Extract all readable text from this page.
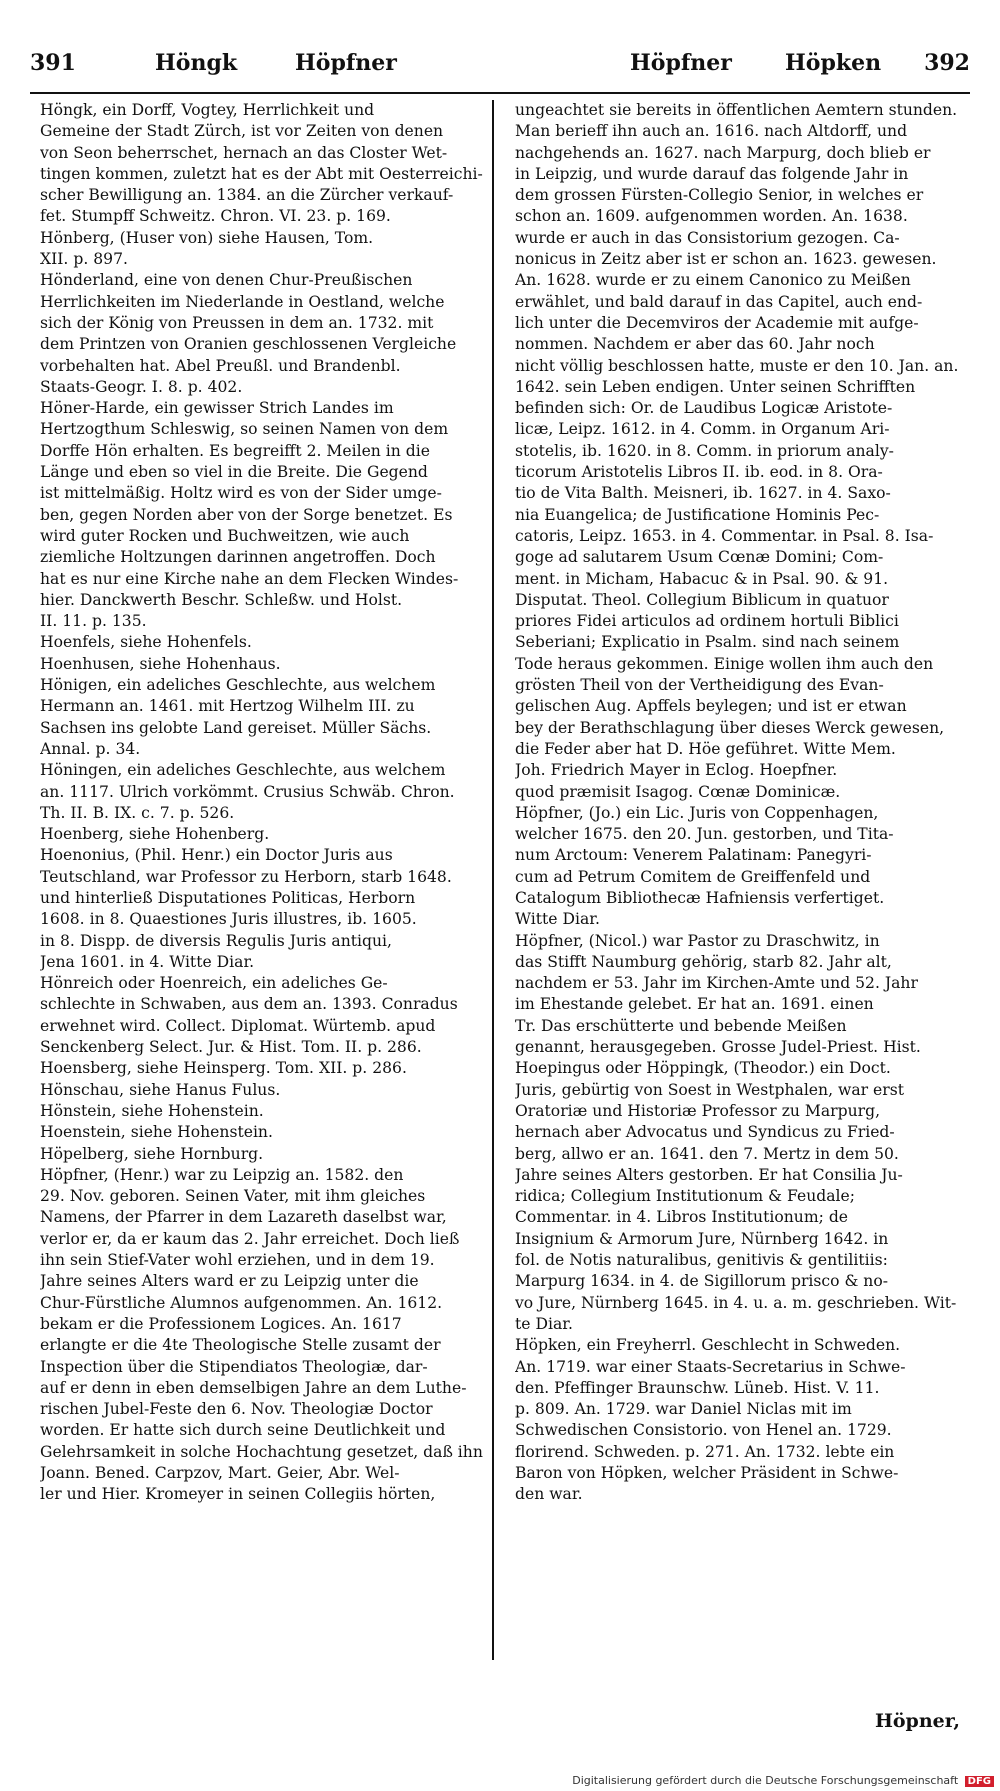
391	Höngk	Höpfner	Höpfner Höpken 392
Höngk, ein Dorff, Vogtey, Herrlichkeit und
Gemeine der Stadt Zürch, ist vor Zeiten von denen
von Seon beherrschet, hernach an das Closter Wet-
tingen kommen, zuletzt hat es der Abt mit Oesterreichi-
scher Bewilligung an. 1384. an die Zürcher verkauf-
fet. Stumpff Schweitz. Chron. VI. 23. p. 169.
Hönberg, (Huser von) siehe Hausen, Tom.
XII. p. 897.
Hönderland, eine von denen Chur-Preußischen
Herrlichkeiten im Niederlande in Oestland, welche
sich der König von Preussen in dem an. 1732. mit
dem Printzen von Oranien geschlossenen Vergleiche
vorbehalten hat. Abel Preußl. und Brandenbl.
Staats-Geogr. I. 8. p. 402.
Höner-Harde, ein gewisser Strich Landes im
Hertzogthum Schleswig, so seinen Namen von dem
Dorffe Hön erhalten. Es begreifft 2. Meilen in die
Länge und eben so viel in die Breite. Die Gegend
ist mittelmäßig. Holtz wird es von der Sider umge-
ben, gegen Norden aber von der Sorge benetzet. Es
wird guter Rocken und Buchweitzen, wie auch
ziemliche Holtzungen darinnen angetroffen. Doch
hat es nur eine Kirche nahe an dem Flecken Windes-
hier. Danckwerth Beschr. Schleßw. und Holst.
II. 11. p. 135.
Hoenfels, siehe Hohenfels.
Hoenhusen, siehe Hohenhaus.
Hönigen, ein adeliches Geschlechte, aus welchem
Hermann an. 1461. mit Hertzog Wilhelm III. zu
Sachsen ins gelobte Land gereiset. Müller Sächs.
Annal. p. 34.
Höningen, ein adeliches Geschlechte, aus welchem
an. 1117. Ulrich vorkömmt. Crusius Schwäb. Chron.
Th. II. B. IX. c. 7. p. 526.
Hoenberg, siehe Hohenberg.
Hoenonius, (Phil. Henr.) ein Doctor Juris aus
Teutschland, war Professor zu Herborn, starb 1648.
und hinterließ Disputationes Politicas, Herborn
1608. in 8. Quaestiones Juris illustres, ib. 1605.
in 8. Dispp. de diversis Regulis Juris antiqui,
Jena 1601. in 4. Witte Diar.
Hönreich oder Hoenreich, ein adeliches Ge-
schlechte in Schwaben, aus dem an. 1393. Conradus
erwehnet wird. Collect. Diplomat. Würtemb. apud
Senckenberg Select. Jur. & Hist. Tom. II. p. 286.
Hoensberg, siehe Heinsperg. Tom. XII. p. 286.
Hönschau, siehe Hanus Fulus.
Hönstein, siehe Hohenstein.
Hoenstein, siehe Hohenstein.
Höpelberg, siehe Hornburg.
Höpfner, (Henr.) war zu Leipzig an. 1582. den
29. Nov. geboren. Seinen Vater, mit ihm gleiches
Namens, der Pfarrer in dem Lazareth daselbst war,
verlor er, da er kaum das 2. Jahr erreichet. Doch ließ
ihn sein Stief-Vater wohl erziehen, und in dem 19.
Jahre seines Alters ward er zu Leipzig unter die
Chur-Fürstliche Alumnos aufgenommen. An. 1612.
bekam er die Professionem Logices. An. 1617
erlangte er die 4te Theologische Stelle zusamt der
Inspection über die Stipendiatos Theologiæ, dar-
auf er denn in eben demselbigen Jahre an dem Luthe-
rischen Jubel-Feste den 6. Nov. Theologiæ Doctor
worden. Er hatte sich durch seine Deutlichkeit und
Gelehrsamkeit in solche Hochachtung gesetzet, daß ihn
Joann. Bened. Carpzov, Mart. Geier, Abr. Wel-
ler und Hier. Kromeyer in seinen Collegiis hörten,
ungeachtet sie bereits in öffentlichen Aemtern stunden.
Man berieff ihn auch an. 1616. nach Altdorff, und
nachgehends an. 1627. nach Marpurg, doch blieb er
in Leipzig, und wurde darauf das folgende Jahr in
dem grossen Fürsten-Collegio Senior, in welches er
schon an. 1609. aufgenommen worden. An. 1638.
wurde er auch in das Consistorium gezogen. Ca-
nonicus in Zeitz aber ist er schon an. 1623. gewesen.
An. 1628. wurde er zu einem Canonico zu Meißen
erwählet, und bald darauf in das Capitel, auch end-
lich unter die Decemviros der Academie mit aufge-
nommen. Nachdem er aber das 60. Jahr noch
nicht völlig beschlossen hatte, muste er den 10. Jan. an.
1642. sein Leben endigen. Unter seinen Schrifften
befinden sich: Or. de Laudibus Logicæ Aristote-
licæ, Leipz. 1612. in 4. Comm. in Organum Ari-
stotelis, ib. 1620. in 8. Comm. in priorum analy-
ticorum Aristotelis Libros II. ib. eod. in 8. Ora-
tio de Vita Balth. Meisneri, ib. 1627. in 4. Saxo-
nia Euangelica; de Justificatione Hominis Pec-
catoris, Leipz. 1653. in 4. Commentar. in Psal. 8. Isa-
goge ad salutarem Usum Cœnæ Domini; Com-
ment. in Micham, Habacuc & in Psal. 90. & 91.
Disputat. Theol. Collegium Biblicum in quatuor
priores Fidei articulos ad ordinem hortuli Biblici
Seberiani; Explicatio in Psalm. sind nach seinem
Tode heraus gekommen. Einige wollen ihm auch den
grösten Theil von der Vertheidigung des Evan-
gelischen Aug. Apffels beylegen; und ist er etwan
bey der Berathschlagung über dieses Werck gewesen,
die Feder aber hat D. Höe geführet. Witte Mem.
Joh. Friedrich Mayer in Eclog. Hoepfner.
quod præmisit Isagog. Cœnæ Dominicæ.
Höpfner, (Jo.) ein Lic. Juris von Coppenhagen,
welcher 1675. den 20. Jun. gestorben, und Tita-
num Arctoum: Venerem Palatinam: Panegyri-
cum ad Petrum Comitem de Greiffenfeld und
Catalogum Bibliothecæ Hafniensis verfertiget.
Witte Diar.
Höpfner, (Nicol.) war Pastor zu Draschwitz, in
das Stifft Naumburg gehörig, starb 82. Jahr alt,
nachdem er 53. Jahr im Kirchen-Amte und 52. Jahr
im Ehestande gelebet. Er hat an. 1691. einen
Tr. Das erschütterte und bebende Meißen
genannt, herausgegeben. Grosse Judel-Priest. Hist.
Hoepingus oder Höppingk, (Theodor.) ein Doct.
Juris, gebürtig von Soest in Westphalen, war erst
Oratoriæ und Historiæ Professor zu Marpurg,
hernach aber Advocatus und Syndicus zu Fried-
berg, allwo er an. 1641. den 7. Mertz in dem 50.
Jahre seines Alters gestorben. Er hat Consilia Ju-
ridica; Collegium Institutionum & Feudale;
Commentar. in 4. Libros Institutionum; de
Insignium & Armorum Jure, Nürnberg 1642. in
fol. de Notis naturalibus, genitivis & gentilitiis:
Marpurg 1634. in 4. de Sigillorum prisco & no-
vo Jure, Nürnberg 1645. in 4. u. a. m. geschrieben. Wit-
te Diar.
Höpken, ein Freyherrl. Geschlecht in Schweden.
An. 1719. war einer Staats-Secretarius in Schwe-
den. Pfeffinger Braunschw. Lüneb. Hist. V. 11.
p. 809. An. 1729. war Daniel Niclas mit im
Schwedischen Consistorio. von Henel an. 1729.
florirend. Schweden. p. 271. An. 1732. lebte ein
Baron von Höpken, welcher Präsident in Schwe-
den war.
Höpner,
Digitalisierung gefördert durch die Deutsche Forschungsgemeinschaft DFG
